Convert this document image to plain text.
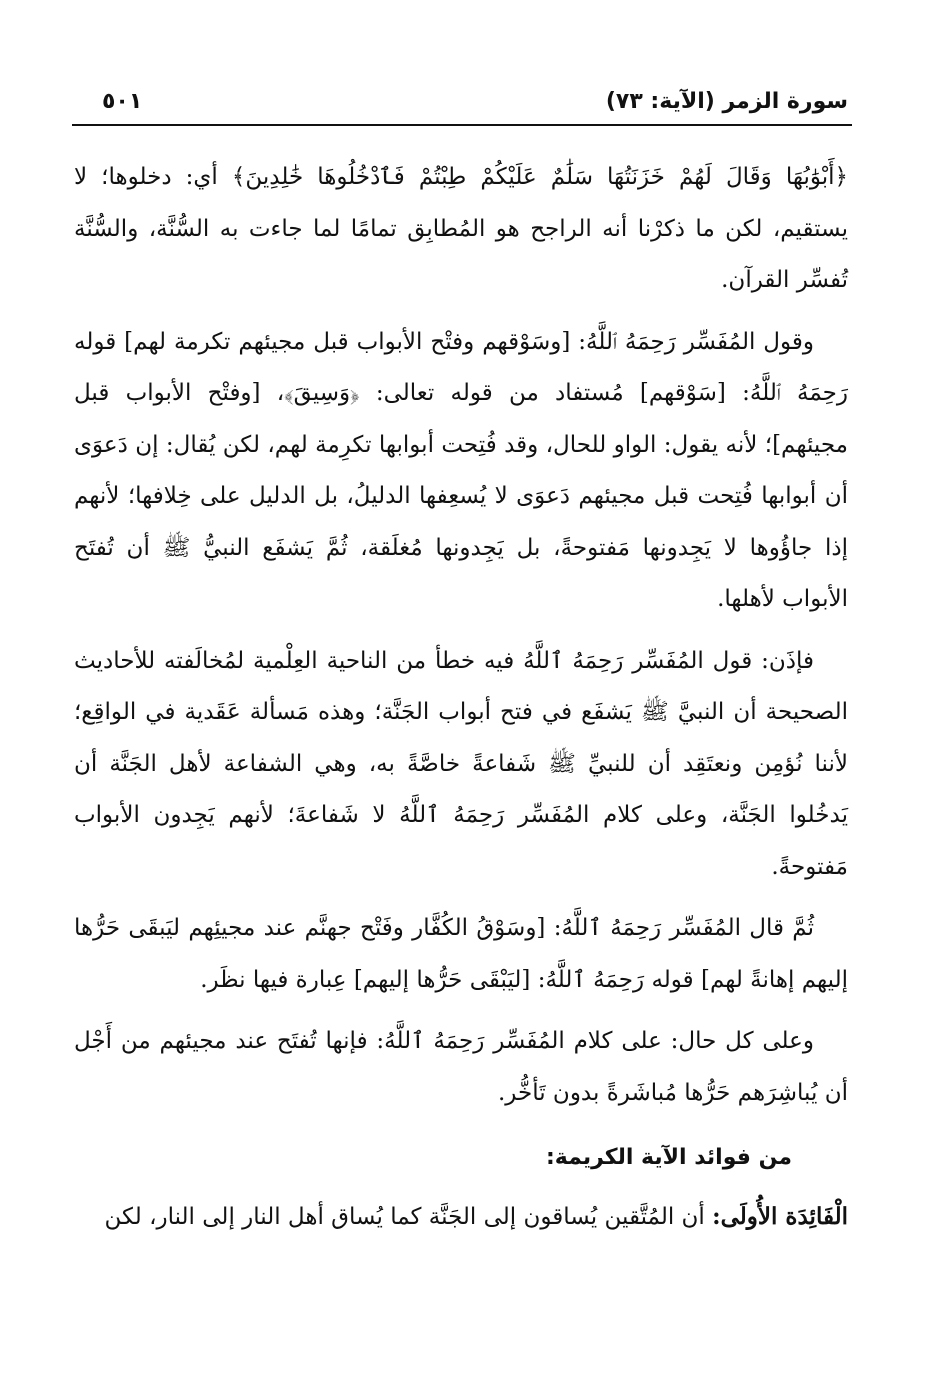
سورة الزمر (الآية: ٧٣)
٥٠١

﴿أَبْوَٰبُهَا وَقَالَ لَهُمْ خَزَنَتُهَا سَلَٰمٌ عَلَيْكُمْ طِبْتُمْ فَٱدْخُلُوهَا خَٰلِدِينَ﴾ أي: دخلوها؛ لا يستقيم، لكن ما ذكرْنا أنه الراجح هو المُطابِق تمامًا لما جاءت به السُّنَّة، والسُّنَّة تُفسِّر القرآن.

وقول المُفَسِّر رَحِمَهُ ٱللَّهُ: [وسَوْقهم وفتْح الأبواب قبل مجيئهم تكرمة لهم] قوله رَحِمَهُ ٱللَّهُ: [سَوْقهم] مُستفاد من قوله تعالى: ﴿وَسِيقَ﴾، [وفتْح الأبواب قبل مجيئهم]؛ لأنه يقول: الواو للحال، وقد فُتِحت أبوابها تكرِمة لهم، لكن يُقال: إن دَعوَى أن أبوابها فُتِحت قبل مجيئهم دَعوَى لا يُسعِفها الدليلُ، بل الدليل على خِلافها؛ لأنهم إذا جاؤُوها لا يَجِدونها مَفتوحةً، بل يَجِدونها مُغلَقة، ثُمَّ يَشفَع النبيُّ ﷺ أن تُفتَح الأبواب لأهلها.

فإذَن: قول المُفَسِّر رَحِمَهُ ٱللَّهُ فيه خطأ من الناحية العِلْمية لمُخالَفته للأحاديث الصحيحة أن النبيَّ ﷺ يَشفَع في فتح أبواب الجَنَّة؛ وهذه مَسألة عَقَدية في الواقِع؛ لأننا نُؤمِن ونعتَقِد أن للنبيِّ ﷺ شَفاعةً خاصَّةً به، وهي الشفاعة لأهل الجَنَّة أن يَدخُلوا الجَنَّة، وعلى كلام المُفَسِّر رَحِمَهُ ٱللَّهُ لا شَفاعةَ؛ لأنهم يَجِدون الأبواب مَفتوحةً.

ثُمَّ قال المُفَسِّر رَحِمَهُ ٱللَّهُ: [وسَوْقُ الكُفَّار وفَتْح جهنَّم عند مجيئِهم ليَبقَى حَرُّها إليهم إهانةً لهم] قوله رَحِمَهُ ٱللَّهُ: [ليَبْقَى حَرُّها إليهم] عِبارة فيها نظَر.

وعلى كل حال: على كلام المُفَسِّر رَحِمَهُ ٱللَّهُ: فإنها تُفتَح عند مجيئهم من أَجْل أن يُباشِرَهم حَرُّها مُباشَرةً بدون تَأخُّر.

من فوائد الآية الكريمة:

الْفَائِدَة الأُولَى: أن المُتَّقين يُساقون إلى الجَنَّة كما يُساق أهل النار إلى النار، لكن
